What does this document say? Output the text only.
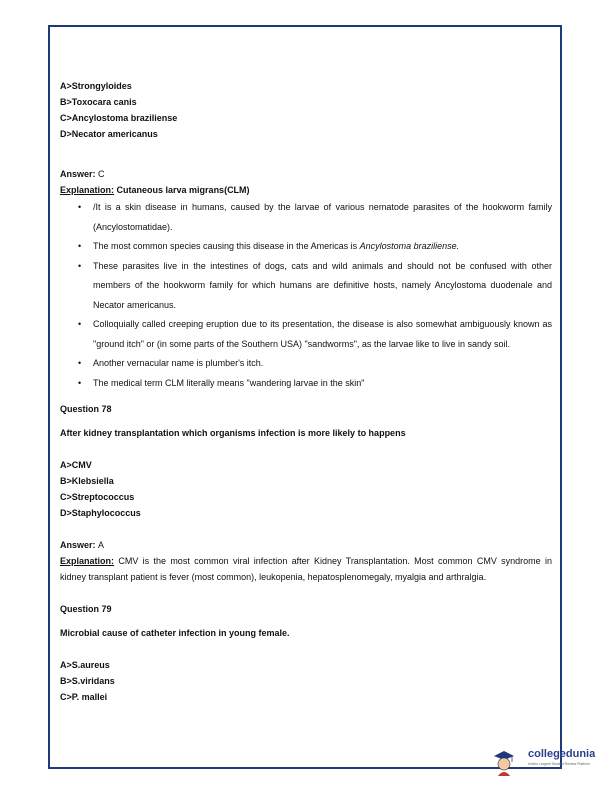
A>Strongyloides
B>Toxocara canis
C>Ancylostoma braziliense
D>Necator americanus
Answer: C
Explanation: Cutaneous larva migrans(CLM)
• /It is a skin disease in humans, caused by the larvae of various nematode parasites of the hookworm family (Ancylostomatidae).
• The most common species causing this disease in the Americas is Ancylostoma braziliense.
• These parasites live in the intestines of dogs, cats and wild animals and should not be confused with other members of the hookworm family for which humans are definitive hosts, namely Ancylostoma duodenale and Necator americanus.
• Colloquially called creeping eruption due to its presentation, the disease is also somewhat ambiguously known as "ground itch" or (in some parts of the Southern USA) "sandworms", as the larvae like to live in sandy soil.
• Another vernacular name is plumber's itch.
• The medical term CLM literally means "wandering larvae in the skin"
Question 78
After kidney transplantation which organisms infection is more likely to happens
A>CMV
B>Klebsiella
C>Streptococcus
D>Staphylococcus
Answer: A
Explanation: CMV is the most common viral infection after Kidney Transplantation. Most common CMV syndrome in kidney transplant patient is fever (most common), leukopenia, hepatosplenomegaly, myalgia and arthralgia.
Question 79
Microbial cause of catheter infection in young female.
A>S.aureus
B>S.viridans
C>P. mallei
collegedunia
India's Largest Student Review Platform
